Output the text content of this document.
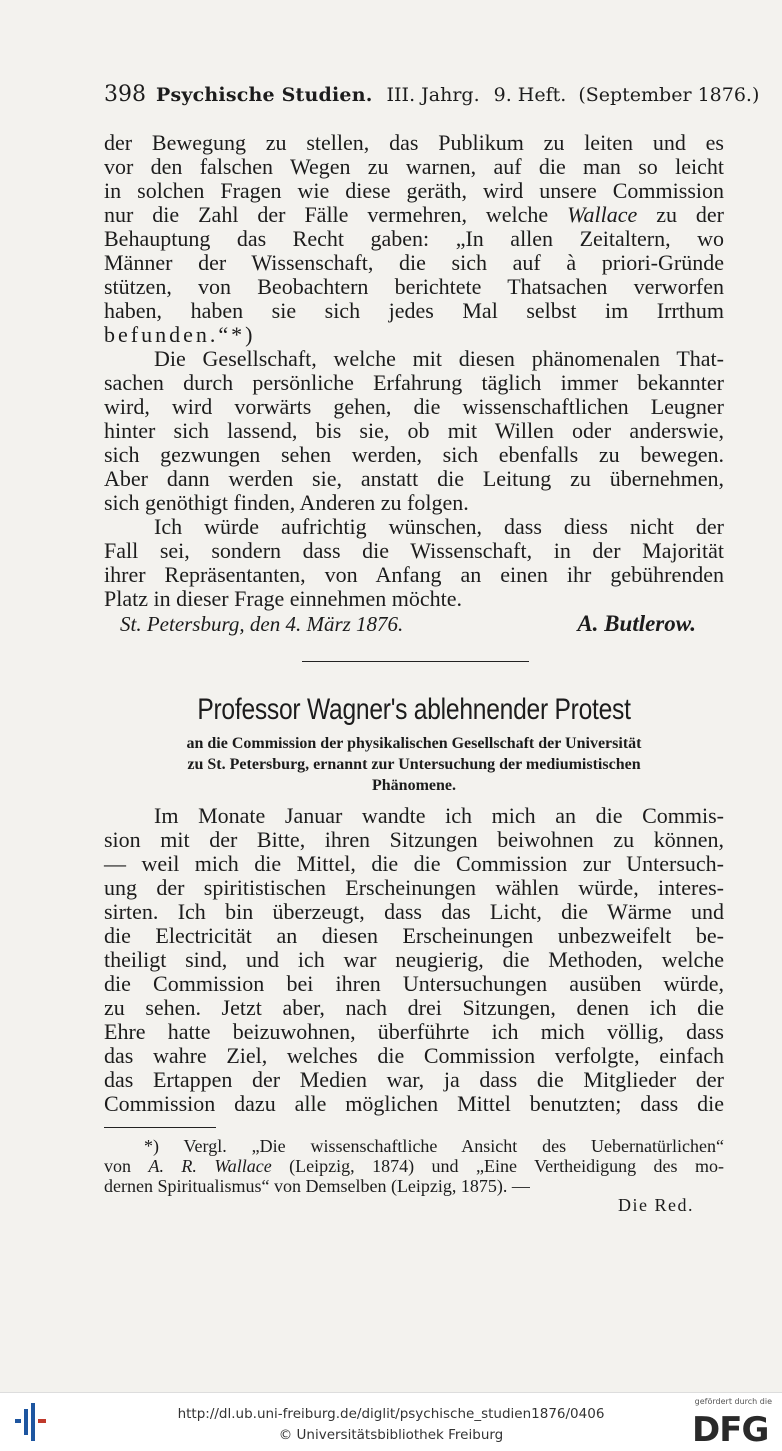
398 Psychische Studien. III. Jahrg. 9. Heft. (September 1876.)
der Bewegung zu stellen, das Publikum zu leiten und es
vor den falschen Wegen zu warnen, auf die man so leicht
in solchen Fragen wie diese geräth, wird unsere Commission
nur die Zahl der Fälle vermehren, welche Wallace zu der
Behauptung das Recht gaben: „In allen Zeitaltern, wo
Männer der Wissenschaft, die sich auf à priori-Gründe
stützen, von Beobachtern berichtete Thatsachen verworfen
haben, haben sie sich jedes Mal selbst im Irrthum
befunden.“*)
Die Gesellschaft, welche mit diesen phänomenalen That-
sachen durch persönliche Erfahrung täglich immer bekannter
wird, wird vorwärts gehen, die wissenschaftlichen Leugner
hinter sich lassend, bis sie, ob mit Willen oder anderswie,
sich gezwungen sehen werden, sich ebenfalls zu bewegen.
Aber dann werden sie, anstatt die Leitung zu übernehmen,
sich genöthigt finden, Anderen zu folgen.
Ich würde aufrichtig wünschen, dass diess nicht der
Fall sei, sondern dass die Wissenschaft, in der Majorität
ihrer Repräsentanten, von Anfang an einen ihr gebührenden
Platz in dieser Frage einnehmen möchte.
St. Petersburg, den 4. März 1876.	A. Butlerow.
Professor Wagner's ablehnender Protest
an die Commission der physikalischen Gesellschaft der Universität
zu St. Petersburg, ernannt zur Untersuchung der mediumistischen
Phänomene.
Im Monate Januar wandte ich mich an die Commis-
sion mit der Bitte, ihren Sitzungen beiwohnen zu können,
— weil mich die Mittel, die die Commission zur Untersuch-
ung der spiritistischen Erscheinungen wählen würde, interes-
sirten. Ich bin überzeugt, dass das Licht, die Wärme und
die Electricität an diesen Erscheinungen unbezweifelt be-
theiligt sind, und ich war neugierig, die Methoden, welche
die Commission bei ihren Untersuchungen ausüben würde,
zu sehen. Jetzt aber, nach drei Sitzungen, denen ich die
Ehre hatte beizuwohnen, überführte ich mich völlig, dass
das wahre Ziel, welches die Commission verfolgte, einfach
das Ertappen der Medien war, ja dass die Mitglieder der
Commission dazu alle möglichen Mittel benutzten; dass die
*) Vergl. „Die wissenschaftliche Ansicht des Uebernatürlichen“
von A. R. Wallace (Leipzig, 1874) und „Eine Vertheidigung des mo-
dernen Spiritualismus“ von Demselben (Leipzig, 1875). —
Die Red.
http://dl.ub.uni-freiburg.de/diglit/psychische_studien1876/0406
© Universitätsbibliothek Freiburg
gefördert durch die
DFG
